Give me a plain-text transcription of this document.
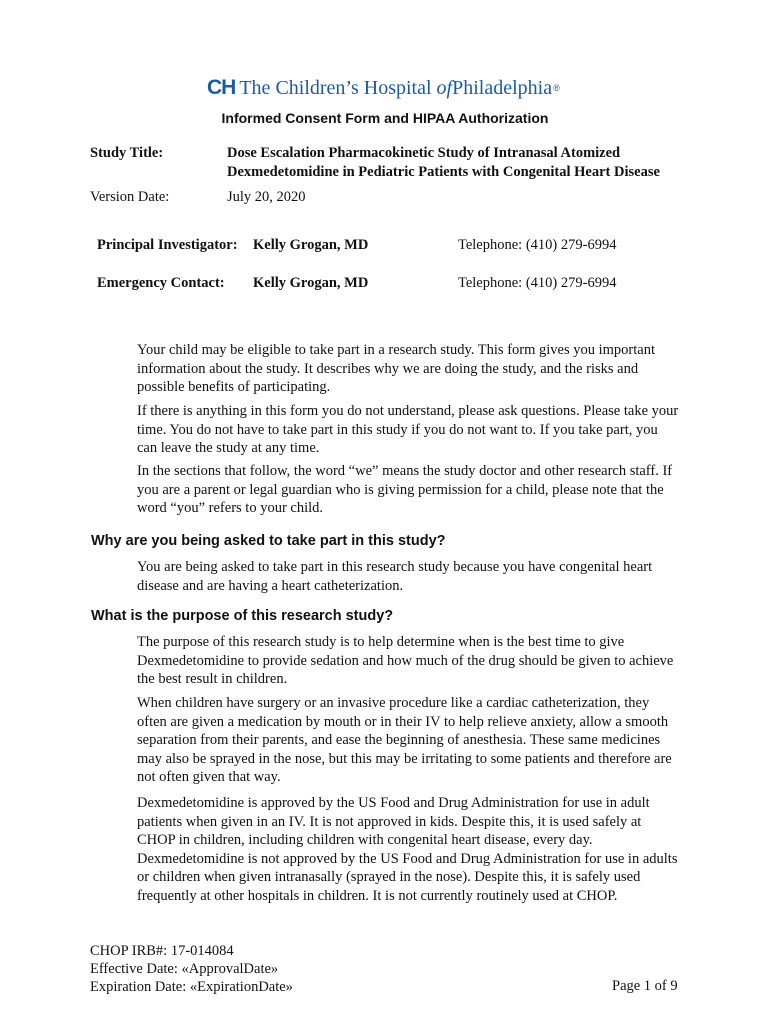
CH The Children’s Hospital ofPhiladelphia ®
Informed Consent Form and HIPAA Authorization
Study Title:	Dose Escalation Pharmacokinetic Study of Intranasal Atomized
Dexmedetomidine in Pediatric Patients with Congenital Heart Disease
Version Date:	July 20, 2020
Principal Investigator: Kelly Grogan, MD	Telephone: (410) 279-6994
Emergency Contact: Kelly Grogan, MD	Telephone: (410) 279-6994

Your child may be eligible to take part in a research study. This form gives you important information about the study. It describes why we are doing the study, and the risks and possible benefits of participating.

If there is anything in this form you do not understand, please ask questions. Please take your time. You do not have to take part in this study if you do not want to. If you take part, you can leave the study at any time.

In the sections that follow, the word “we” means the study doctor and other research staff. If you are a parent or legal guardian who is giving permission for a child, please note that the word “you” refers to your child.

Why are you being asked to take part in this study?

You are being asked to take part in this research study because you have congenital heart disease and are having a heart catheterization.

What is the purpose of this research study?

The purpose of this research study is to help determine when is the best time to give Dexmedetomidine to provide sedation and how much of the drug should be given to achieve the best result in children.

When children have surgery or an invasive procedure like a cardiac catheterization, they often are given a medication by mouth or in their IV to help relieve anxiety, allow a smooth separation from their parents, and ease the beginning of anesthesia. These same medicines may also be sprayed in the nose, but this may be irritating to some patients and therefore are not often given that way.

Dexmedetomidine is approved by the US Food and Drug Administration for use in adult patients when given in an IV. It is not approved in kids. Despite this, it is used safely at CHOP in children, including children with congenital heart disease, every day. Dexmedetomidine is not approved by the US Food and Drug Administration for use in adults or children when given intranasally (sprayed in the nose). Despite this, it is safely used frequently at other hospitals in children. It is not currently routinely used at CHOP.

CHOP IRB#: 17-014084
Effective Date: «ApprovalDate»
Expiration Date: «ExpirationDate»	Page 1 of 9
